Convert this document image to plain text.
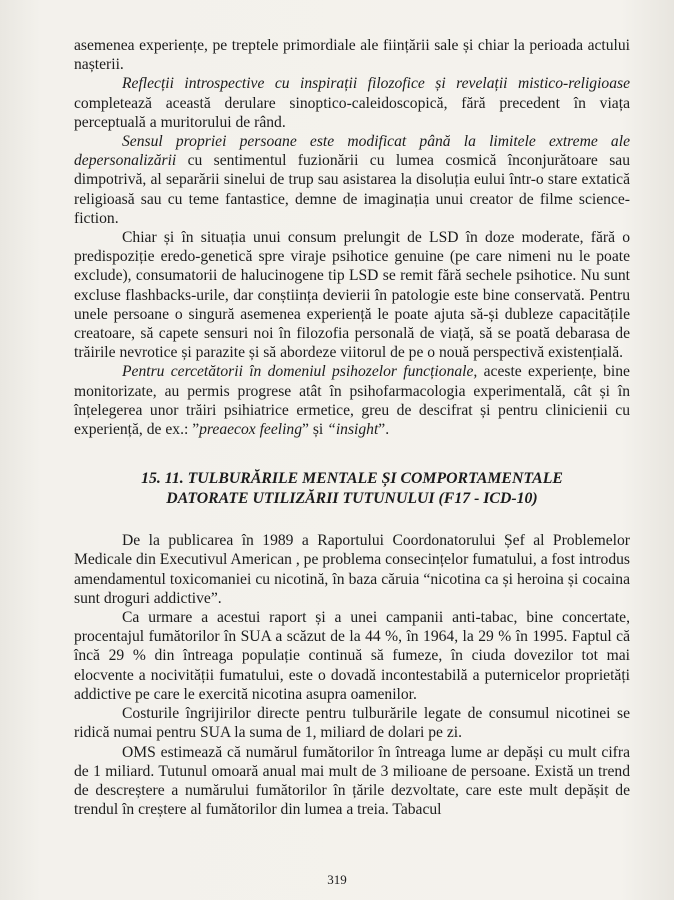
asemenea experiențe, pe treptele primordiale ale ființării sale și chiar la perioada actului nașterii.

Reflecții introspective cu inspirații filozofice și revelații mistico-religioase completează această derulare sinoptico-caleidoscopică, fără precedent în viața perceptuală a muritorului de rând.

Sensul propriei persoane este modificat până la limitele extreme ale depersonalizării cu sentimentul fuzionării cu lumea cosmică înconjurătoare sau dimpotrivă, al separării sinelui de trup sau asistarea la disoluția eului într-o stare extatică religioasă sau cu teme fantastice, demne de imaginația unui creator de filme science-fiction.

Chiar și în situația unui consum prelungit de LSD în doze moderate, fără o predispoziție eredo-genetică spre viraje psihotice genuine (pe care nimeni nu le poate exclude), consumatorii de halucinogene tip LSD se remit fără sechele psihotice. Nu sunt excluse flashbacks-urile, dar conștiința devierii în patologie este bine conservată. Pentru unele persoane o singură asemenea experiență le poate ajuta să-și dubleze capacitățile creatoare, să capete sensuri noi în filozofia personală de viață, să se poată debarasa de trăirile nevrotice și parazite și să abordeze viitorul de pe o nouă perspectivă existențială.

Pentru cercetătorii în domeniul psihozelor funcționale, aceste experiențe, bine monitorizate, au permis progrese atât în psihofarmacologia experimentală, cât și în înțelegerea unor trăiri psihiatrice ermetice, greu de descifrat și pentru clinicienii cu experiență, de ex.: ”preaecox feeling” și “insight”.

15. 11. TULBURĂRILE MENTALE ȘI COMPORTAMENTALE
DATORATE UTILIZĂRII TUTUNULUI (F17 - ICD-10)

De la publicarea în 1989 a Raportului Coordonatorului Șef al Problemelor Medicale din Executivul American , pe problema consecințelor fumatului, a fost introdus amendamentul toxicomaniei cu nicotină, în baza căruia “nicotina ca și heroina și cocaina sunt droguri addictive”.

Ca urmare a acestui raport și a unei campanii anti-tabac, bine concertate, procentajul fumătorilor în SUA a scăzut de la 44 %, în 1964, la 29 % în 1995. Faptul că încă 29 % din întreaga populație continuă să fumeze, în ciuda dovezilor tot mai elocvente a nocivității fumatului, este o dovadă incontestabilă a puternicelor proprietăți addictive pe care le exercită nicotina asupra oamenilor.

Costurile îngrijirilor directe pentru tulburările legate de consumul nicotinei se ridică numai pentru SUA la suma de 1, miliard de dolari pe zi.

OMS estimează că numărul fumătorilor în întreaga lume ar depăși cu mult cifra de 1 miliard. Tutunul omoară anual mai mult de 3 milioane de persoane. Există un trend de descreștere a numărului fumătorilor în țările dezvoltate, care este mult depășit de trendul în creștere al fumătorilor din lumea a treia. Tabacul

319
